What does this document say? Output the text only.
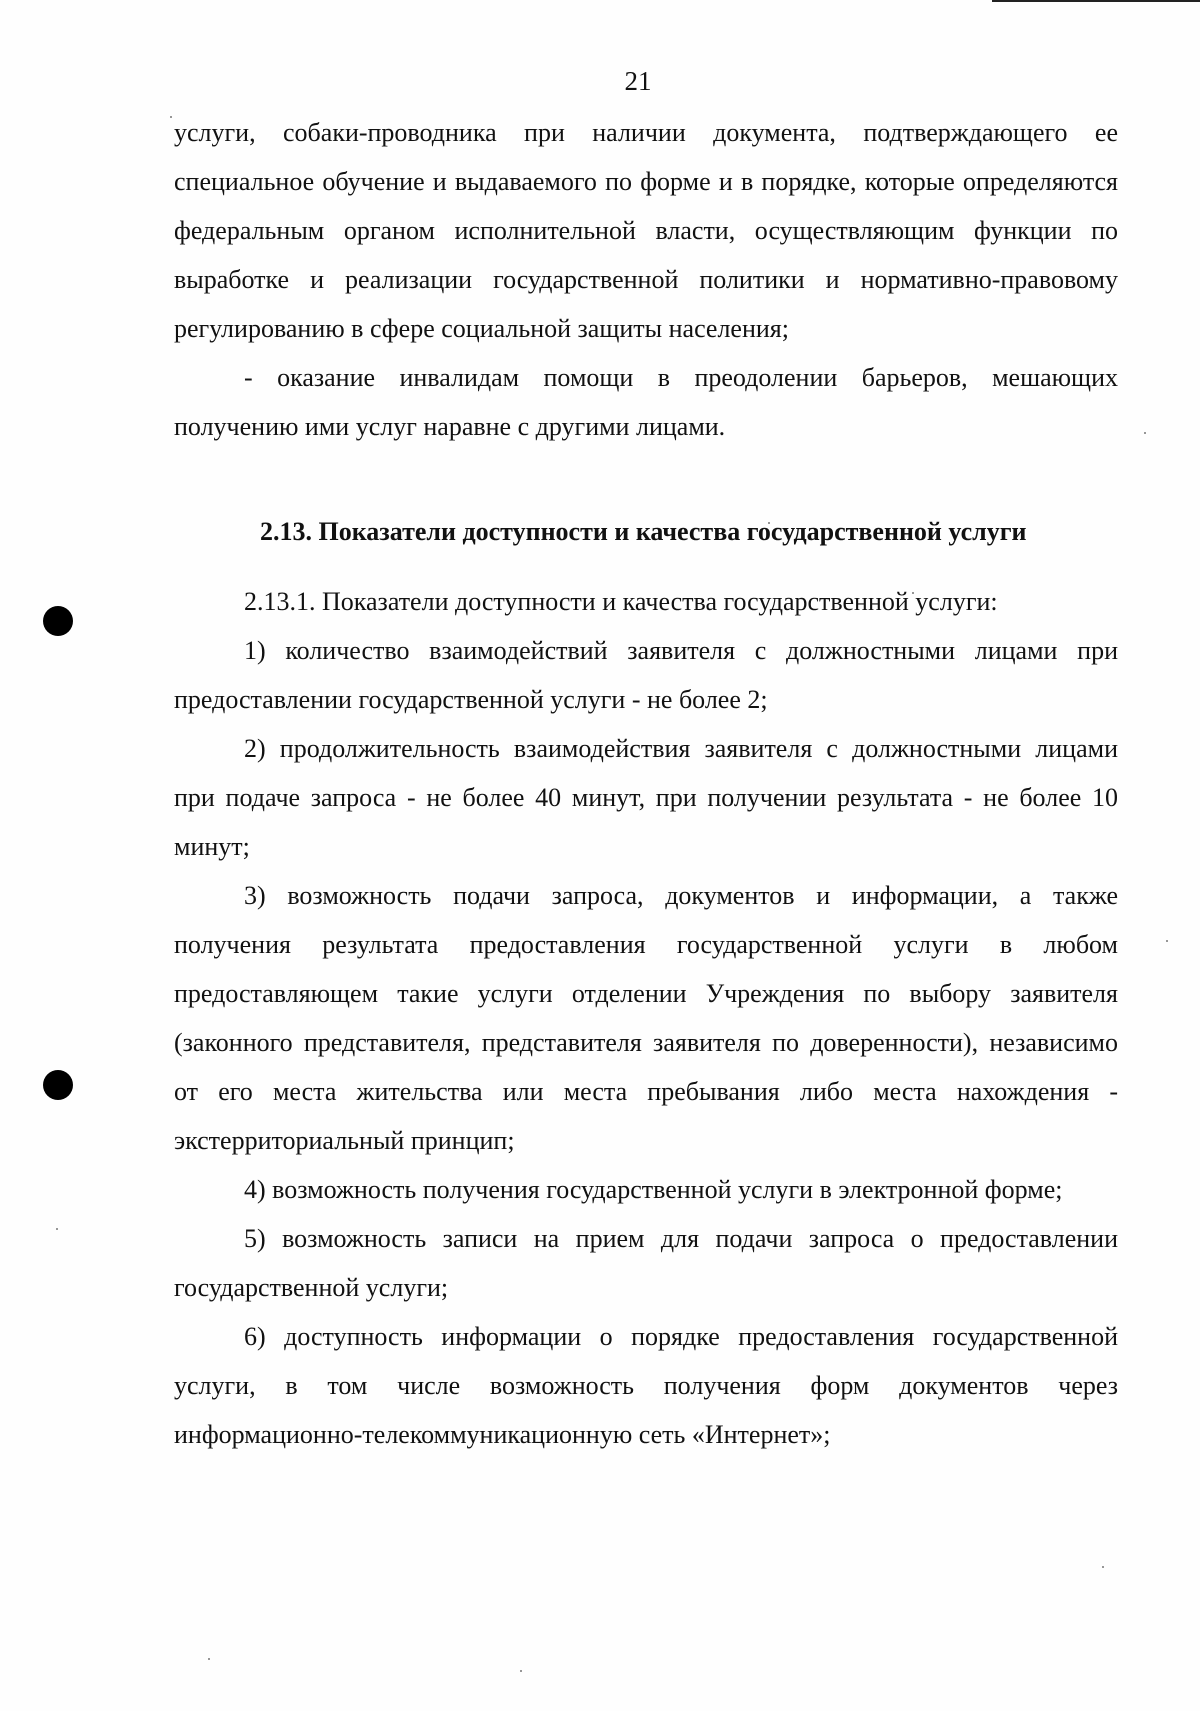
21

услуги, собаки-проводника при наличии документа, подтверждающего ее специальное обучение и выдаваемого по форме и в порядке, которые определяются федеральным органом исполнительной власти, осуществляющим функции по выработке и реализации государственной политики и нормативно-правовому регулированию в сфере социальной защиты населения;

- оказание инвалидам помощи в преодолении барьеров, мешающих получению ими услуг наравне с другими лицами.

2.13. Показатели доступности и качества государственной услуги

2.13.1. Показатели доступности и качества государственной услуги:

1) количество взаимодействий заявителя с должностными лицами при предоставлении государственной услуги - не более 2;

2) продолжительность взаимодействия заявителя с должностными лицами при подаче запроса - не более 40 минут, при получении результата - не более 10 минут;

3) возможность подачи запроса, документов и информации, а также получения результата предоставления государственной услуги в любом предоставляющем такие услуги отделении Учреждения по выбору заявителя (законного представителя, представителя заявителя по доверенности), независимо от его места жительства или места пребывания либо места нахождения - экстерриториальный принцип;

4) возможность получения государственной услуги в электронной форме;

5) возможность записи на прием для подачи запроса о предоставлении государственной услуги;

6) доступность информации о порядке предоставления государственной услуги, в том числе возможность получения форм документов через информационно-телекоммуникационную сеть «Интернет»;
